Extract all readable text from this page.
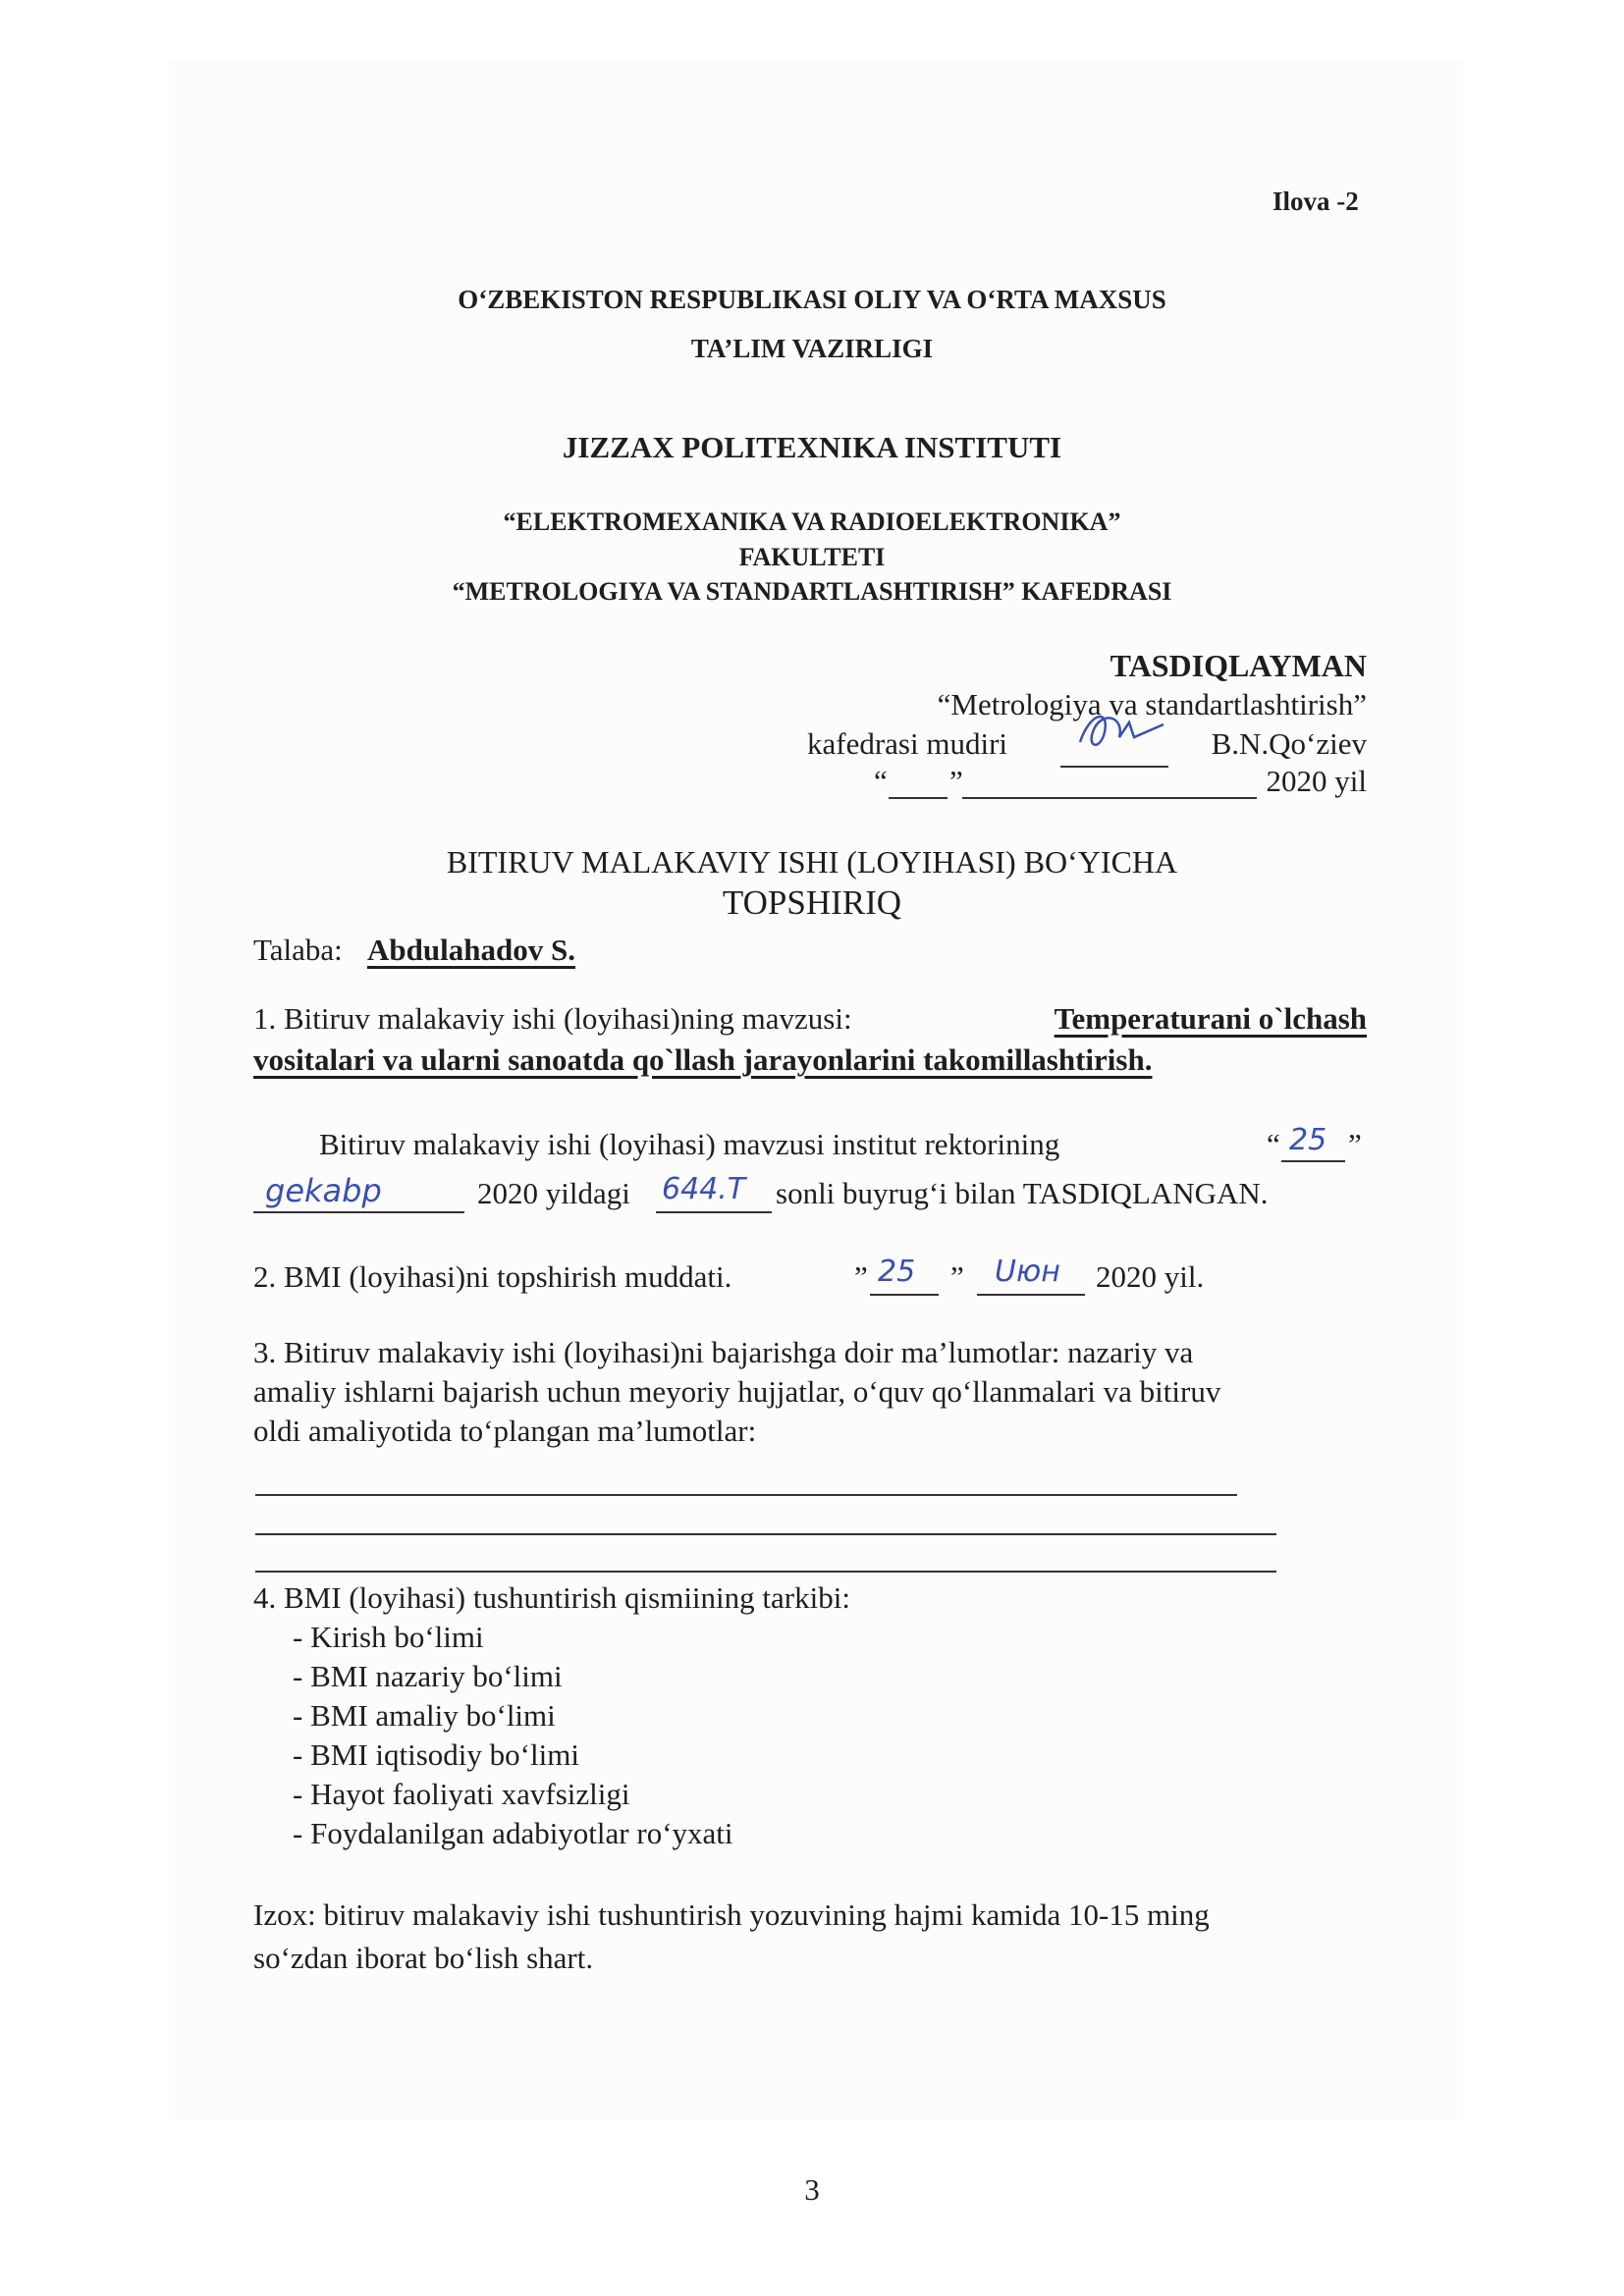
Ilova -2
O‘ZBEKISTON RESPUBLIKASI OLIY VA O‘RTA MAXSUS
TA’LIM VAZIRLIGI
JIZZAX POLITEXNIKA INSTITUTI
“ELEKTROMEXANIKA VA RADIOELEKTRONIKA”
FAKULTETI
“METROLOGIYA VA STANDARTLASHTIRISH” KAFEDRASI
TASDIQLAYMAN
“Metrologiya va standartlashtirish”
kafedrasi mudiri	B.N.Qo‘ziev
“ ”	2020 yil
BITIRUV MALAKAVIY ISHI (LOYIHASI) BO‘YICHA
TOPSHIRIQ
Talaba: Abdulahadov S.
1. Bitiruv malakaviy ishi (loyihasi)ning mavzusi:	Temperaturani o`lchash
vositalari va ularni sanoatda qo`llash jarayonlarini takomillashtirish.
Bitiruv malakaviy ishi (loyihasi) mavzusi institut rektorining	“ 25 ”
gekabp	2020 yildagi 644.T sonli buyrug‘i bilan TASDIQLANGAN.
2. BMI (loyihasi)ni topshirish muddati.	” 25 ” Uюн 2020 yil.
3. Bitiruv malakaviy ishi (loyihasi)ni bajarishga doir ma’lumotlar: nazariy va
amaliy ishlarni bajarish uchun meyoriy hujjatlar, o‘quv qo‘llanmalari va bitiruv
oldi amaliyotida to‘plangan ma’lumotlar:
4. BMI (loyihasi) tushuntirish qismiining tarkibi:
- Kirish bo‘limi
- BMI nazariy bo‘limi
- BMI amaliy bo‘limi
- BMI iqtisodiy bo‘limi
- Hayot faoliyati xavfsizligi
- Foydalanilgan adabiyotlar ro‘yxati
Izox: bitiruv malakaviy ishi tushuntirish yozuvining hajmi kamida 10-15 ming
so‘zdan iborat bo‘lish shart.
3
